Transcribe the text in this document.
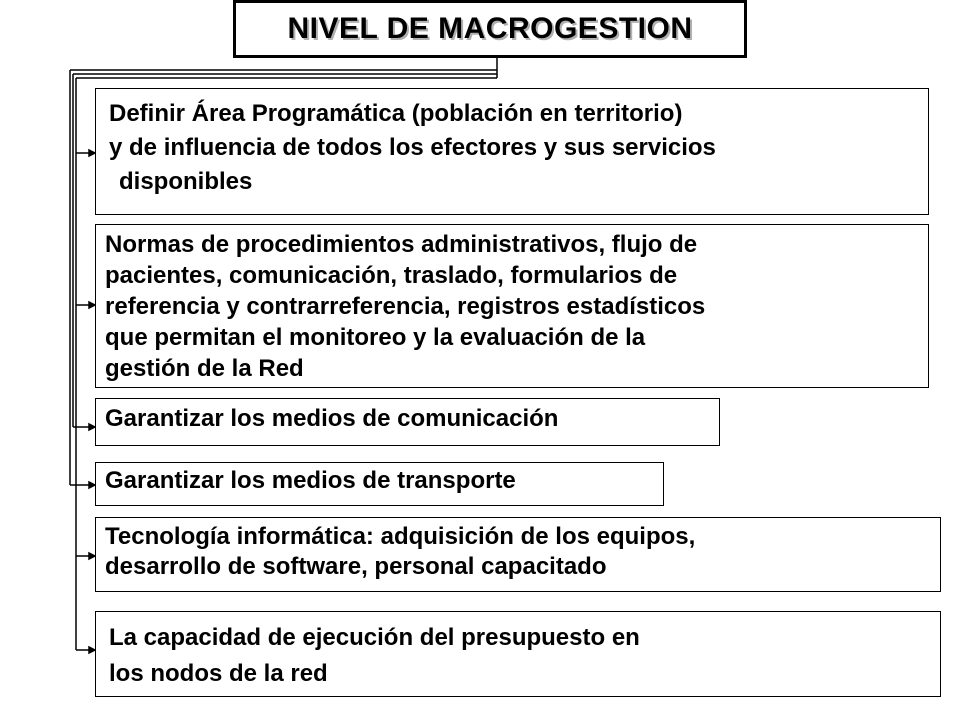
NIVEL DE MACROGESTION
Definir Área Programática (población en territorio)
y de influencia de todos los efectores y sus servicios
disponibles
Normas de procedimientos administrativos, flujo de
pacientes, comunicación, traslado, formularios de
referencia y contrarreferencia, registros estadísticos
que permitan el monitoreo y la evaluación de la
gestión de la Red
Garantizar los medios de comunicación
Garantizar los medios de transporte
Tecnología informática: adquisición de los equipos,
desarrollo de software, personal capacitado
La capacidad de ejecución del presupuesto en
los nodos de la red
